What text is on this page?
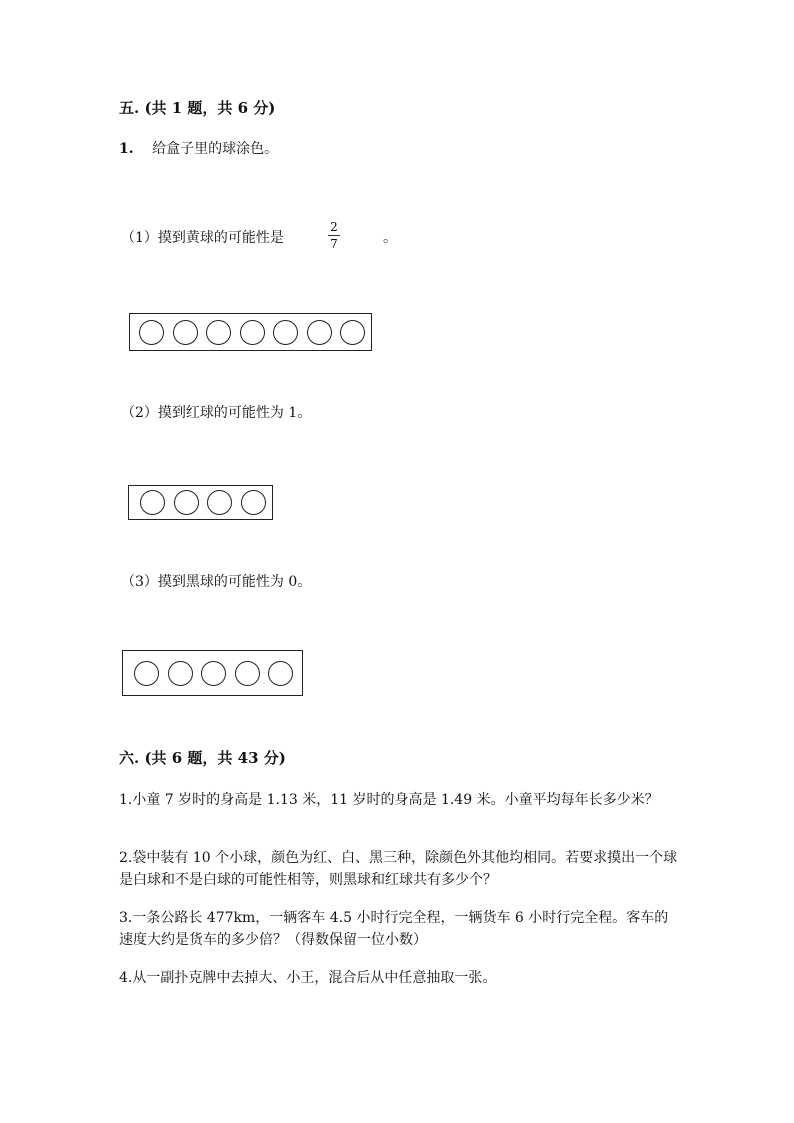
五. (共 1 题，共 6 分)
1. 给盒子里的球涂色。
（1）摸到黄球的可能性是
2
7	。
（2）摸到红球的可能性为 1。
（3）摸到黑球的可能性为 0。
六. (共 6 题，共 43 分)
1.小童 7 岁时的身高是 1.13 米，11 岁时的身高是 1.49 米。小童平均每年长多少米？
2.袋中装有 10 个小球，颜色为红、白、黑三种，除颜色外其他均相同。若要求摸出一个球是白球和不是白球的可能性相等，则黑球和红球共有多少个？
3.一条公路长 477km，一辆客车 4.5 小时行完全程，一辆货车 6 小时行完全程。客车的速度大约是货车的多少倍？（得数保留一位小数）
4.从一副扑克牌中去掉大、小王，混合后从中任意抽取一张。
